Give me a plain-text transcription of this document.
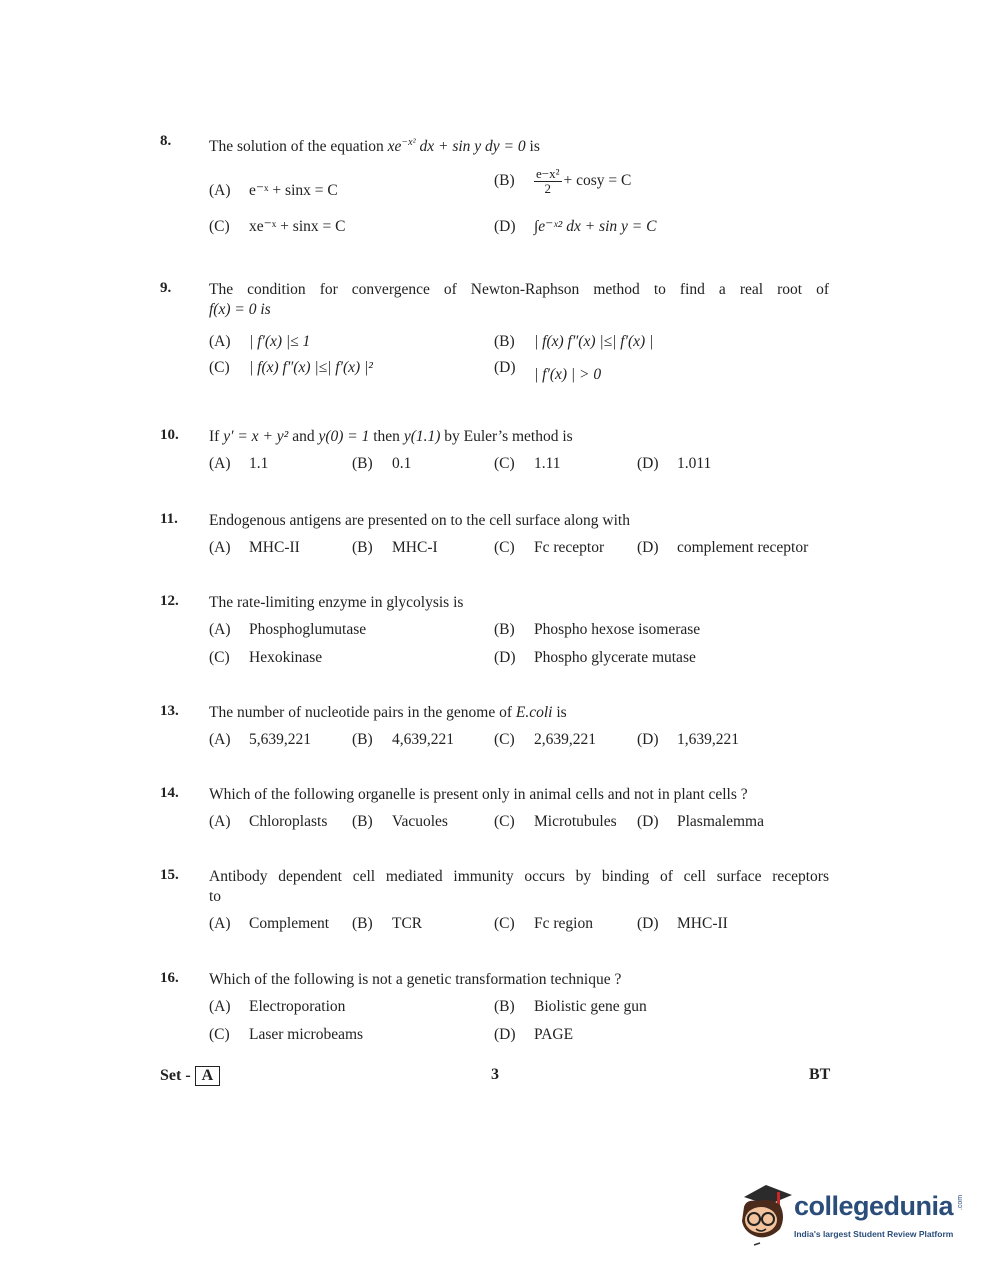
8. The solution of the equation $xe^{-x^2}$ dx + sin y dy = 0 is
(A) e⁻ˣ + sinx = C
$(B) \frac{\text{e−x²}}{2} + \cos y = C$
(C) xe⁻ˣ + sinx = C	(D) ∫e⁻ˣ² dx + sin y = C
9. The condition for convergence of Newton-Raphson method to find a real root of
f(x) = 0 is
(A) | f′(x) |≤ 1	(B) | f(x) f″(x) |≤| f′(x) |
(C) | f(x) f″(x) |≤| f′(x) |²	(D) | f′(x) | > 0
10. If y′ = x + y² and y(0) = 1 then y(1.1) by Euler’s method is
(A) 1.1	(B) 0.1	(C) 1.11	(D) 1.011
11. Endogenous antigens are presented on to the cell surface along with
(A) MHC-II	(B) MHC-I	(C) Fc receptor (D) complement receptor
12. The rate-limiting enzyme in glycolysis is
(A) Phosphoglumutase	(B) Phospho hexose isomerase
(C) Hexokinase	(D) Phospho glycerate mutase
13. The number of nucleotide pairs in the genome of E.coli is
(A) 5,639,221	(B) 4,639,221	(C) 2,639,221	(D) 1,639,221
14. Which of the following organelle is present only in animal cells and not in plant cells ?
(A) Chloroplasts (B) Vacuoles	(C) Microtubules (D) Plasmalemma
15. Antibody dependent cell mediated immunity occurs by binding of cell surface receptors
to
(A) Complement (B) TCR	(C) Fc region	(D) MHC-II
16. Which of the following is not a genetic transformation technique ?
(A) Electroporation	(B) Biolistic gene gun
(C) Laser microbeams	(D) PAGE
Set - A	3	BT
collegedunia .com
India's largest Student Review Platform
